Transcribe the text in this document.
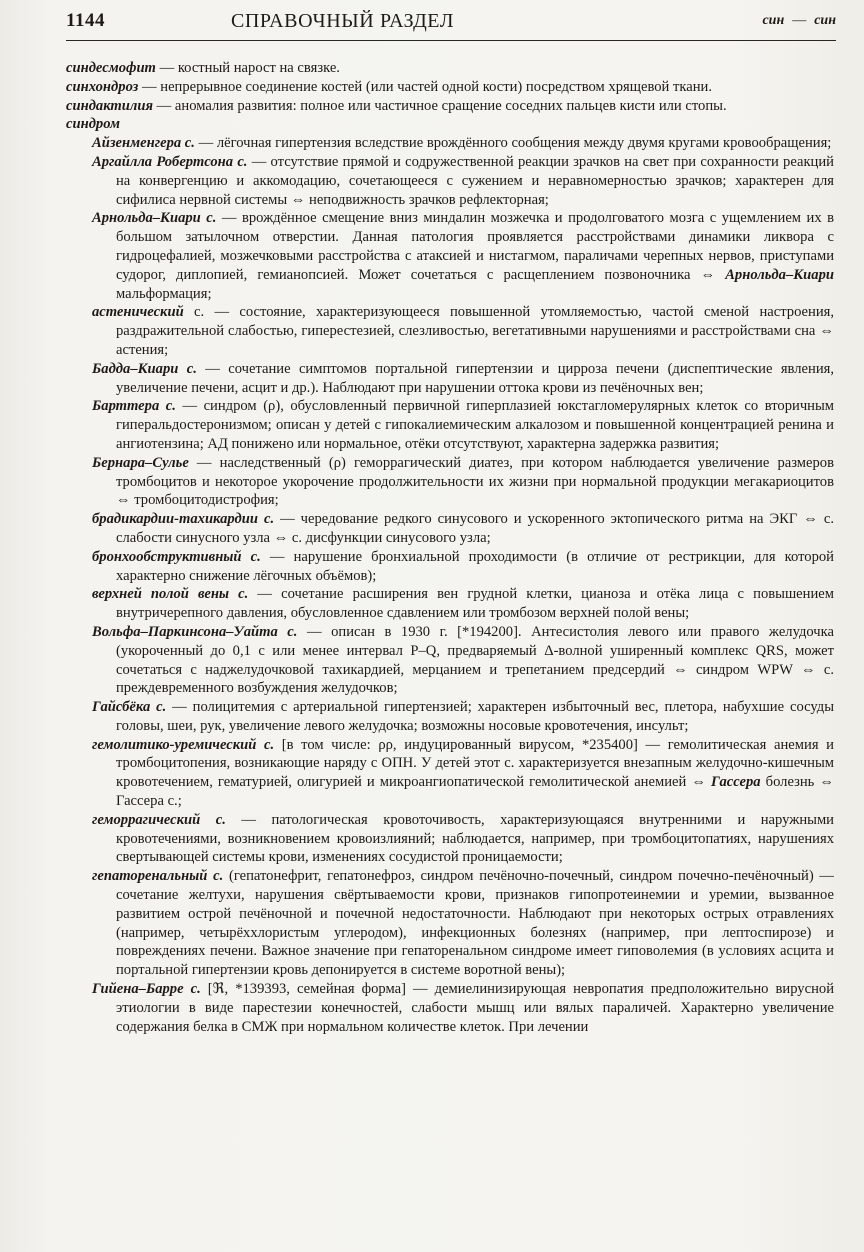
1144	СПРАВОЧНЫЙ РАЗДЕЛ	син — син

синдесмофит — костный нарост на связке.

синхондроз — непрерывное соединение костей (или частей одной кости) посредством хрящевой ткани.

синдактилия — аномалия развития: полное или частичное сращение соседних пальцев кисти или стопы.

синдром

Айзенменгера с. — лёгочная гипертензия вследствие врождённого сообщения между двумя кругами кровообращения;

Аргайлла Робертсона с. — отсутствие прямой и содружественной реакции зрачков на свет при сохранности реакций на конвергенцию и аккомодацию, сочетающееся с сужением и неравномерностью зрачков; характерен для сифилиса нервной системы ⇔ неподвижность зрачков рефлекторная;

Арнольда–Киари с. — врождённое смещение вниз миндалин мозжечка и продолговатого мозга с ущемлением их в большом затылочном отверстии. Данная патология проявляется расстройствами динамики ликвора с гидроцефалией, мозжечковыми расстройства с атаксией и нистагмом, параличами черепных нервов, приступами судорог, диплопией, гемианопсией. Может сочетаться с расщеплением позвоночника ⇔ Арнольда–Киари мальформация;

астенический с. — состояние, характеризующееся повышенной утомляемостью, частой сменой настроения, раздражительной слабостью, гиперестезией, слезливостью, вегетативными нарушениями и расстройствами сна ⇔ астения;

Бадда–Киари с. — сочетание симптомов портальной гипертензии и цирроза печени (диспептические явления, увеличение печени, асцит и др.). Наблюдают при нарушении оттока крови из печёночных вен;

Барттера с. — синдром (ρ), обусловленный первичной гиперплазией юкстагломерулярных клеток со вторичным гиперальдостеронизмом; описан у детей с гипокалиемическим алкалозом и повышенной концентрацией ренина и ангиотензина; АД понижено или нормальное, отёки отсутствуют, характерна задержка развития;

Бернара–Сулье — наследственный (ρ) геморрагический диатез, при котором наблюдается увеличение размеров тромбоцитов и некоторое укорочение продолжительности их жизни при нормальной продукции мегакариоцитов ⇔ тромбоцитодистрофия;

брадикардии-тахикардии с. — чередование редкого синусового и ускоренного эктопического ритма на ЭКГ ⇔ с. слабости синусного узла ⇔ с. дисфункции синусового узла;

бронхообструктивный с. — нарушение бронхиальной проходимости (в отличие от рестрикции, для которой характерно снижение лёгочных объёмов);

верхней полой вены с. — сочетание расширения вен грудной клетки, цианоза и отёка лица с повышением внутричерепного давления, обусловленное сдавлением или тромбозом верхней полой вены;

Вольфа–Паркинсона–Уайта с. — описан в 1930 г. [*194200]. Антесистолия левого или правого желудочка (укороченный до 0,1 с или менее интервал P–Q, предваряемый Δ-волной уширенный комплекс QRS, может сочетаться с наджелудочковой тахикардией, мерцанием и трепетанием предсердий ⇔ синдром WPW ⇔ с. преждевременного возбуждения желудочков;

Гайсбёка с. — полицитемия с артериальной гипертензией; характерен избыточный вес, плетора, набухшие сосуды головы, шеи, рук, увеличение левого желудочка; возможны носовые кровотечения, инсульт;

гемолитико-уремический с. [в том числе: ρρ, индуцированный вирусом, *235400] — гемолитическая анемия и тромбоцитопения, возникающие наряду с ОПН. У детей этот с. характеризуется внезапным желудочно-кишечным кровотечением, гематурией, олигурией и микроангиопатической гемолитической анемией ⇔ Гассера болезнь ⇔ Гассера с.;

геморрагический с. — патологическая кровоточивость, характеризующаяся внутренними и наружными кровотечениями, возникновением кровоизлияний; наблюдается, например, при тромбоцитопатиях, нарушениях свертывающей системы крови, изменениях сосудистой проницаемости;

гепаторенальный с. (гепатонефрит, гепатонефроз, синдром печёночно-почечный, синдром почечно-печёночный) — сочетание желтухи, нарушения свёртываемости крови, признаков гипопротеинемии и уремии, вызванное развитием острой печёночной и почечной недостаточности. Наблюдают при некоторых острых отравлениях (например, четырёххлористым углеродом), инфекционных болезнях (например, при лептоспирозе) и повреждениях печени. Важное значение при гепаторенальном синдроме имеет гиповолемия (в условиях асцита и портальной гипертензии кровь депонируется в системе воротной вены);

Гийена–Барре с. [ℜ, *139393, семейная форма] — демиелинизирующая невропатия предположительно вирусной этиологии в виде парестезии конечностей, слабости мышц или вялых параличей. Характерно увеличение содержания белка в СМЖ при нормальном количестве клеток. При лечении
